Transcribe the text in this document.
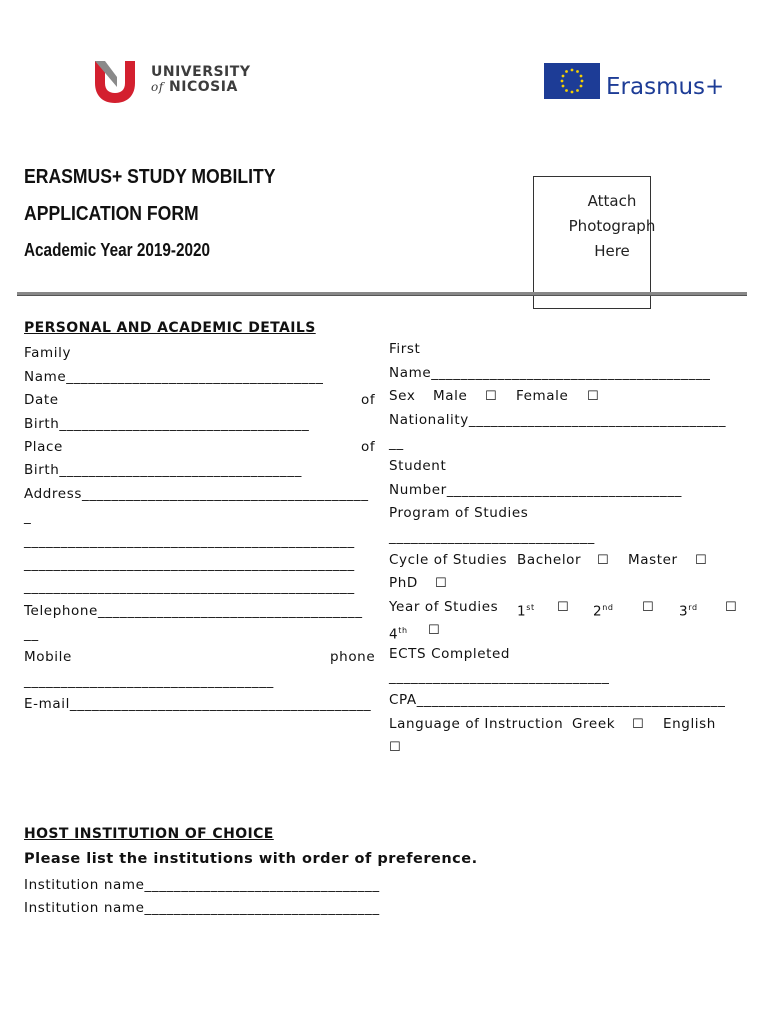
UNIVERSITY
of NICOSIA	Erasmus+
ERASMUS+ STUDY MOBILITY
APPLICATION FORM
Academic Year 2019-2020
Attach
Photograph
Here
PERSONAL AND ACADEMIC DETAILS
Family
Name___________________________________
Date	of
Birth__________________________________
Place	of
Birth_________________________________
Address_______________________________________
_
_____________________________________________
_____________________________________________
_____________________________________________
Telephone____________________________________
__
Mobile	phone
__________________________________
E-mail_________________________________________
First
Name______________________________________
Sex Male ☐ Female ☐
Nationality___________________________________
__
Student
Number________________________________
Program of Studies
____________________________
Cycle of Studies Bachelor ☐ Master ☐
PhD ☐
Year of Studies 1st ☐ 2nd ☐ 3rd ☐
4th ☐
ECTS Completed
______________________________
CPA__________________________________________
Language of Instruction Greek ☐ English
☐
HOST INSTITUTION OF CHOICE
Please list the institutions with order of preference.
Institution name________________________________
Institution name________________________________
